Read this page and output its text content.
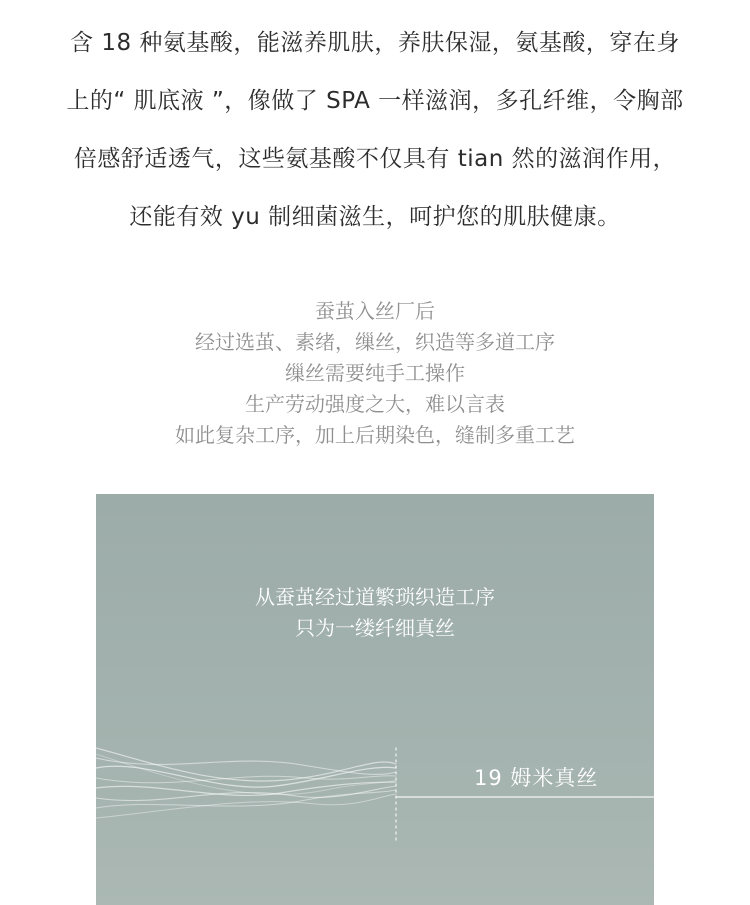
含 18 种氨基酸，能滋养肌肤，养肤保湿，氨基酸，穿在身
上的“ 肌底液 ”，像做了 SPA 一样滋润，多孔纤维，令胸部
倍感舒适透气，这些氨基酸不仅具有 tian 然的滋润作用，
还能有效 yu 制细菌滋生，呵护您的肌肤健康。
蚕茧入丝厂后
经过选茧、素绪，缫丝，织造等多道工序
缫丝需要纯手工操作
生产劳动强度之大，难以言表
如此复杂工序，加上后期染色，缝制多重工艺
从蚕茧经过道繁琐织造工序
只为一缕纤细真丝
19 姆米真丝
